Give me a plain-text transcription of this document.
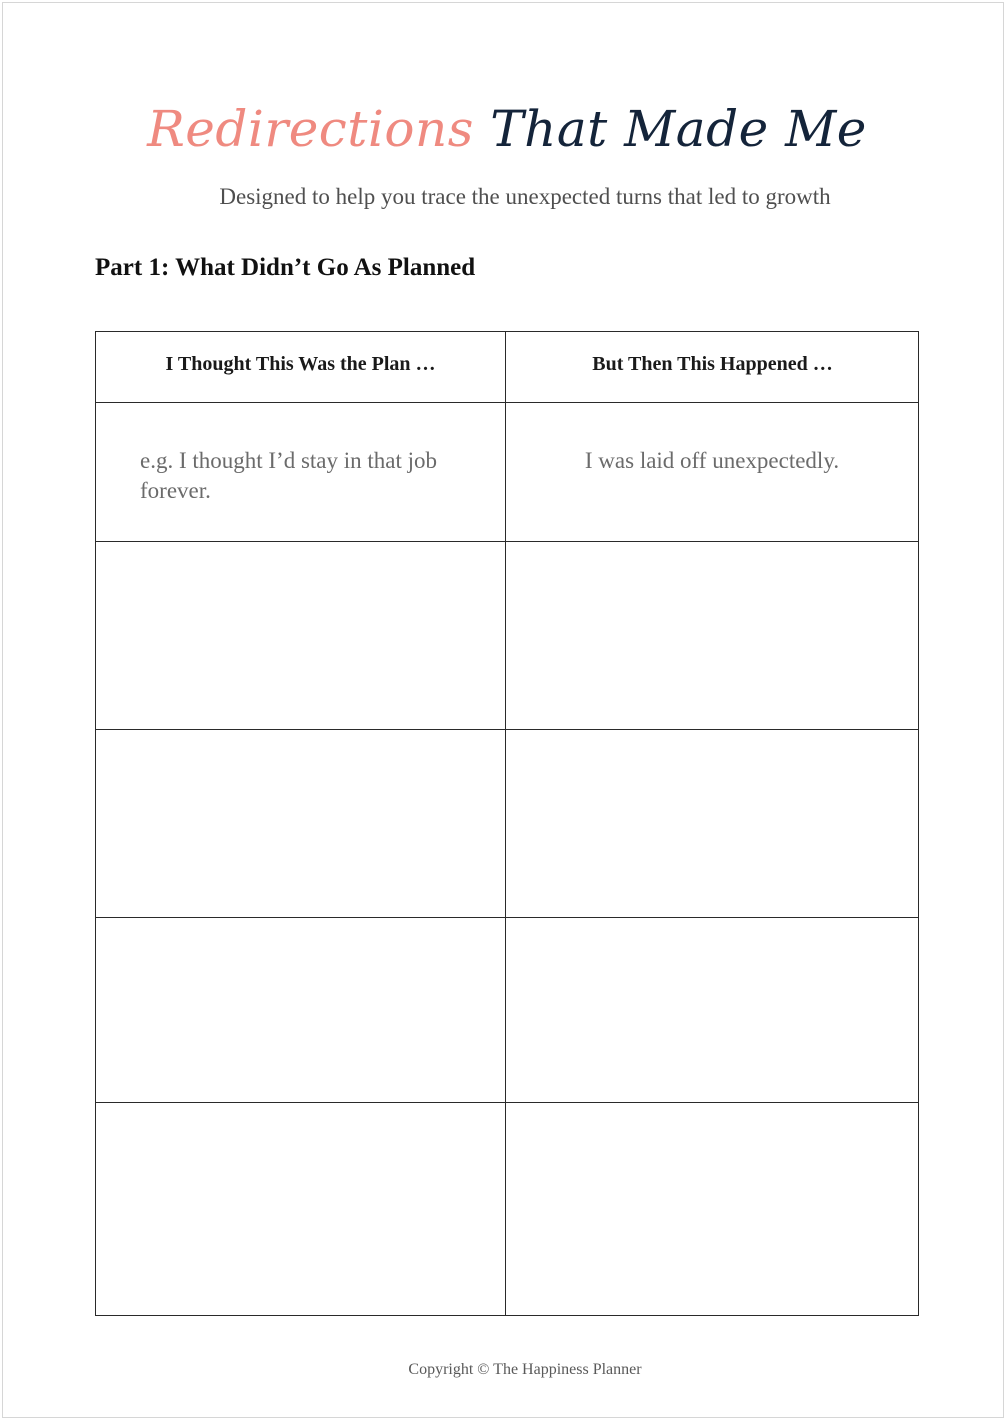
Redirections That Made Me

Designed to help you trace the unexpected turns that led to growth

Part 1: What Didn’t Go As Planned

I Thought This Was the Plan …	But Then This Happened …

e.g. I thought I’d stay in that job forever.

I was laid off unexpectedly.

Copyright © The Happiness Planner
